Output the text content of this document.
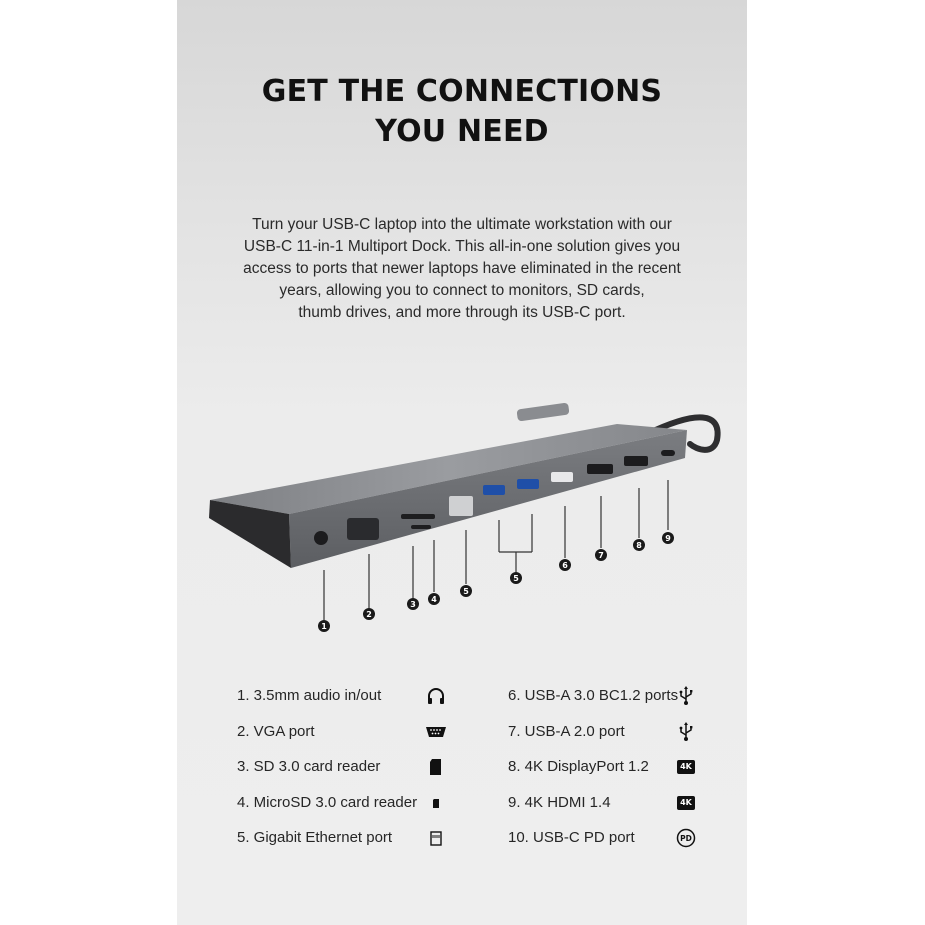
GET THE CONNECTIONS
YOU NEED
Turn your USB-C laptop into the ultimate workstation with our
USB-C 11-in-1 Multiport Dock. This all-in-one solution gives you
access to ports that newer laptops have eliminated in the recent
years, allowing you to connect to monitors, SD cards,
thumb drives, and more through its USB-C port.
1
2
3
4
5
5
6
7
8
9
1. 3.5mm audio in/out
2. VGA port
3. SD 3.0 card reader
4. MicroSD 3.0 card reader
5. Gigabit Ethernet port
6. USB-A 3.0 BC1.2 ports
7. USB-A 2.0 port
8. 4K DisplayPort 1.2	4K
9. 4K HDMI 1.4	4K
10. USB-C PD port	PD
